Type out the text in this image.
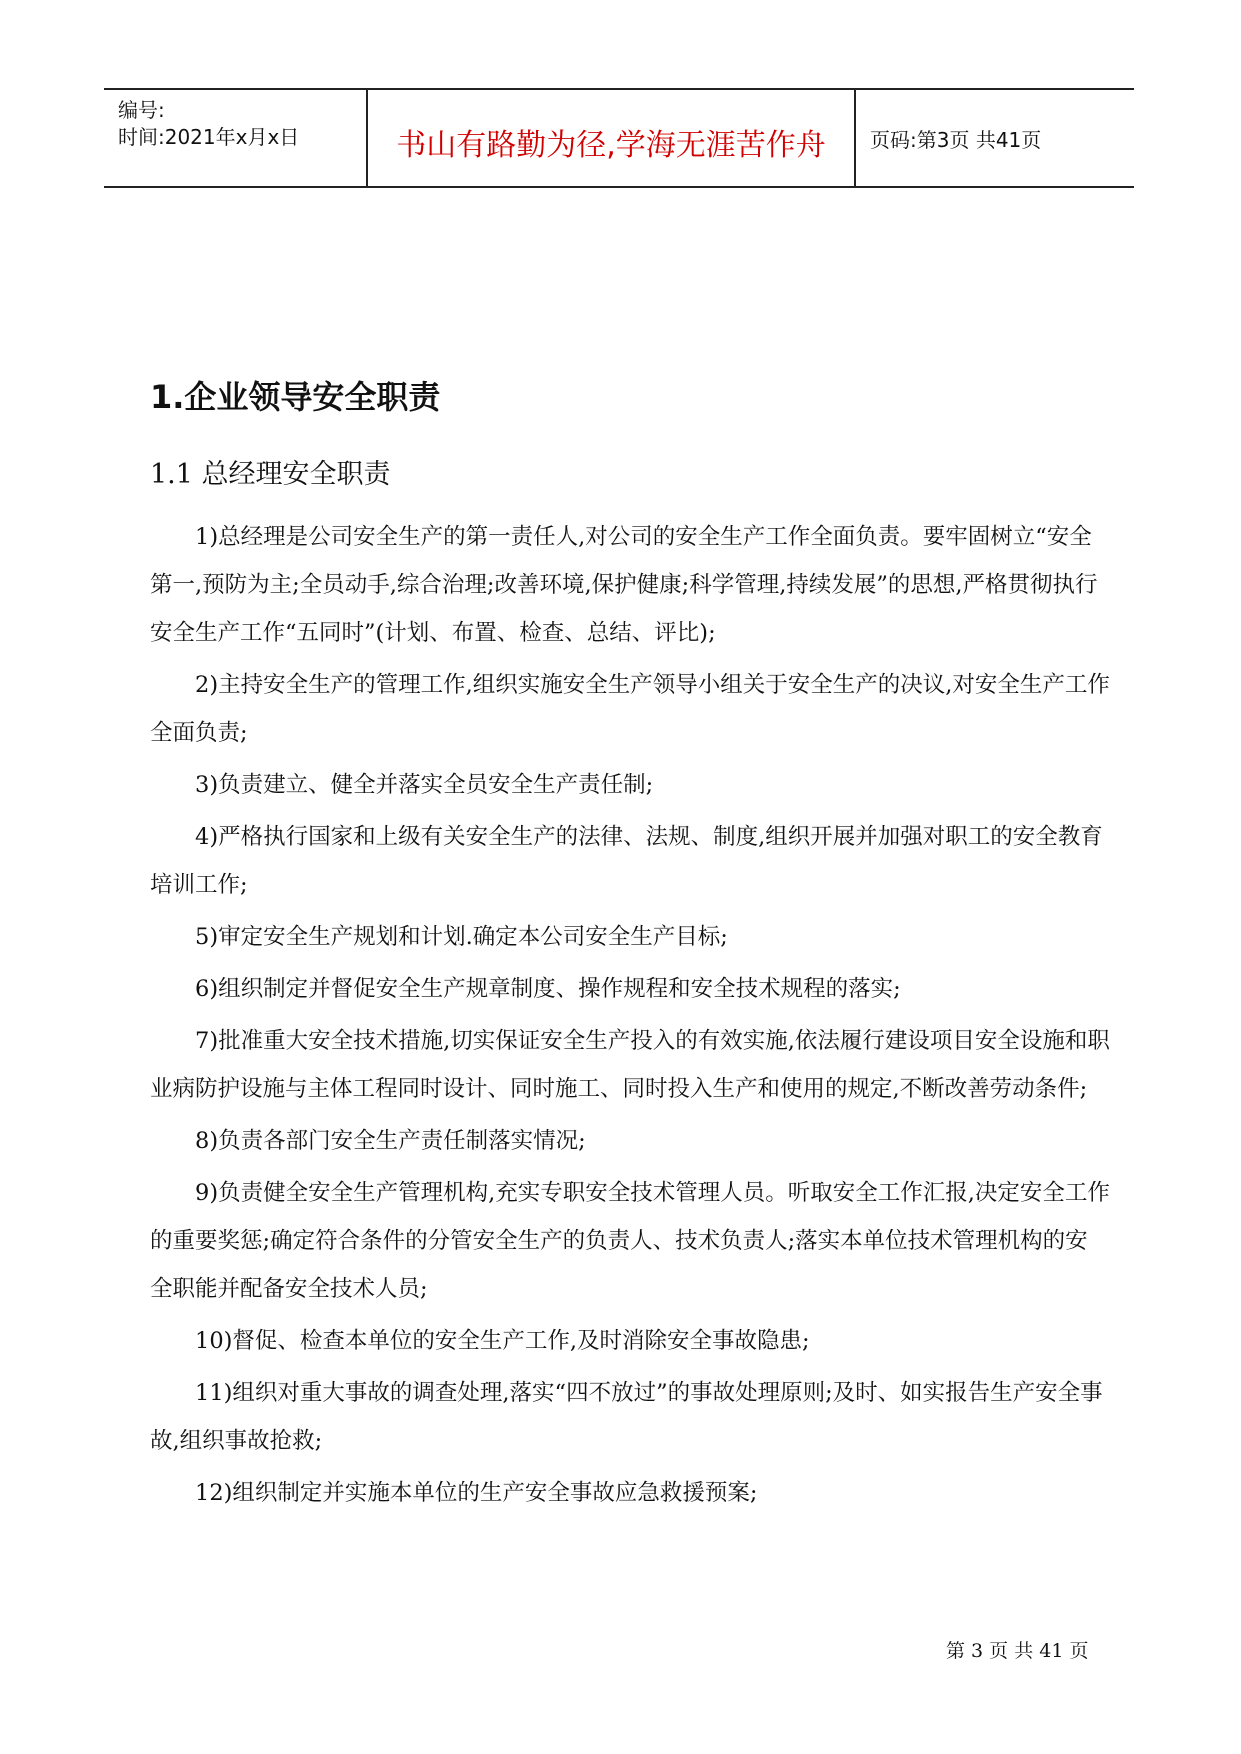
编号:
时间:2021年x月x日	书山有路勤为径,学海无涯苦作舟	页码:第3页 共41页
1.企业领导安全职责
1.1 总经理安全职责

1)总经理是公司安全生产的第一责任人,对公司的安全生产工作全面负责。要牢固树立“安全第一,预防为主;全员动手,综合治理;改善环境,保护健康;科学管理,持续发展”的思想,严格贯彻执行安全生产工作“五同时”(计划、布置、检查、总结、评比);

2)主持安全生产的管理工作,组织实施安全生产领导小组关于安全生产的决议,对安全生产工作全面负责;

3)负责建立、健全并落实全员安全生产责任制;

4)严格执行国家和上级有关安全生产的法律、法规、制度,组织开展并加强对职工的安全教育培训工作;

5)审定安全生产规划和计划.确定本公司安全生产目标;

6)组织制定并督促安全生产规章制度、操作规程和安全技术规程的落实;

7)批准重大安全技术措施,切实保证安全生产投入的有效实施,依法履行建设项目安全设施和职业病防护设施与主体工程同时设计、同时施工、同时投入生产和使用的规定,不断改善劳动条件;

8)负责各部门安全生产责任制落实情况;

9)负责健全安全生产管理机构,充实专职安全技术管理人员。听取安全工作汇报,决定安全工作的重要奖惩;确定符合条件的分管安全生产的负责人、技术负责人;落实本单位技术管理机构的安全职能并配备安全技术人员;

10)督促、检查本单位的安全生产工作,及时消除安全事故隐患;

11)组织对重大事故的调查处理,落实“四不放过”的事故处理原则;及时、如实报告生产安全事故,组织事故抢救;

12)组织制定并实施本单位的生产安全事故应急救援预案;

第 3 页 共 41 页
